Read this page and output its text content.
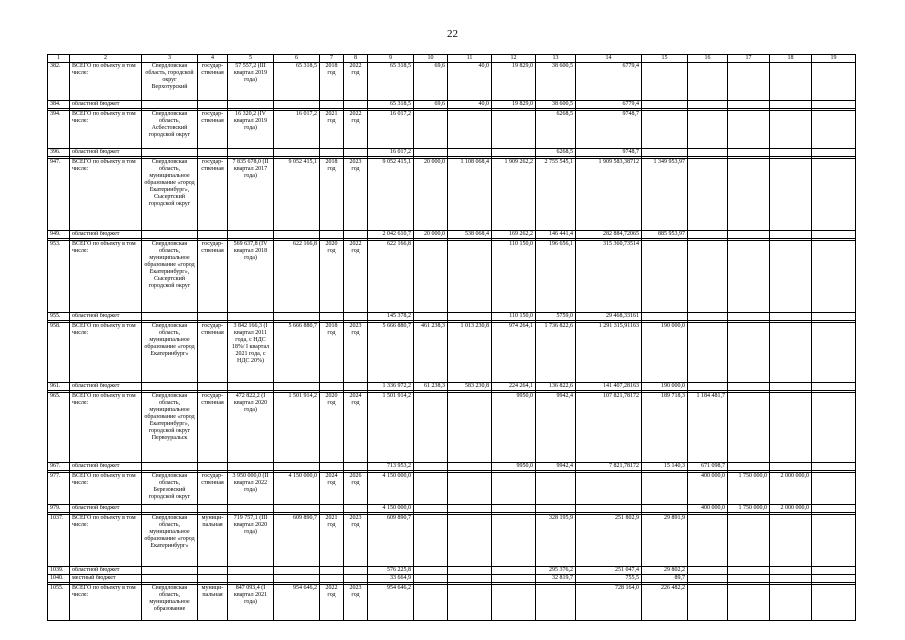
22
1	2	3	4	5	6	7	8	9	10	11	12	13	14	15	16	17	18	19
382.	ВСЕГО по объекту в том числе:	Свердловская область, городской округ Верхотурский	государ-ственная	57 557,2 (III квартал 2019 года)	65 318,5	2018 год	2022 год	65 318,5	69,6	40,0	19 829,0	38 600,5	6779,4					
384.	областной бюджет							65 318,5	69,6	40,0	19 829,0	38 600,5	6779,4					

394.	ВСЕГО по объекту в том числе:	Свердловская область, Асбестовский городской округ	государ-ственная	16 320,2 (IV квартал 2019 года)	16 017,2	2021 год	2022 год	16 017,2				6268,5	9748,7					
396.	областной бюджет							16 017,2				6268,5	9748,7					

947.	ВСЕГО по объекту в том числе:	Свердловская область, муниципальное образование «город Екатеринбург», Сысертский городской округ	государ-ственная	7 835 678,0 (II квартал 2017 года)	9 052 415,1	2018 год	2023 год	9 052 415,1	20 000,0	1 108 068,4	1 909 262,2	2 755 545,1	1 909 583,38712	1 349 953,97				
949.	областной бюджет							2 042 610,7	20 000,0	538 068,4	169 262,2	146 441,4	282 884,72065	885 953,97				

953.	ВСЕГО по объекту в том числе:	Свердловская область, муниципальное образование «город Екатеринбург», Сысертский городской округ	государ-ственная	569 637,8 (IV квартал 2018 года)	622 166,8	2020 год	2022 год	622 166,8			110 150,0	196 656,1	315 360,73514					
955.	областной бюджет							145 378,2			110 150,0	5759,0	29 468,33161					

958.	ВСЕГО по объекту в том числе:	Свердловская область, муниципальное образование «город Екатеринбург»	государ-ственная	3 842 166,3 (I квартал 2011 года, с НДС 18%/ I квартал 2021 года, с НДС 20%)	5 666 880,7	2018 год	2023 год	5 666 880,7	461 238,3	1 013 230,8	974 264,1	1 736 822,6	1 291 315,91163	190 000,0				
961.	областной бюджет							1 336 972,2	61 238,3	583 230,8	224 264,1	136 822,6	141 407,28163	190 000,0				

965.	ВСЕГО по объекту в том числе:	Свердловская область, муниципальное образование «город Екатеринбург», городской округ Первоуральск	государ-ственная	472 822,2 (I квартал 2020 года)	1 501 914,2	2020 год	2024 год	1 501 914,2			9950,0	9942,4	107 821,78172	189 718,3	1 184 481,7			
967.	областной бюджет							713 953,2			9950,0	9942,4	7 821,78172	15 140,3	671 098,7			

977.	ВСЕГО по объекту в том числе:	Свердловская область, Березовский городской округ	государ-ственная	3 950 000,0 (II квартал 2022 года)	4 150 000,0	2024 год	2026 год	4 150 000,0							400 000,0	1 750 000,0	2 000 000,0	
979.	областной бюджет							4 150 000,0							400 000,0	1 750 000,0	2 000 000,0	

1037.	ВСЕГО по объекту в том числе:	Свердловская область, муниципальное образование «город Екатеринбург»	муници-пальная	719 757,1 (III квартал 2020 года)	609 890,7	2021 год	2023 год	609 890,7				328 195,9	251 802,9	29 891,9				
1039.	областной бюджет							576 225,8				295 376,2	251 047,4	29 802,2				
1040.	местный бюджет							33 664,9				32 819,7	755,5	89,7				

1055.	ВСЕГО по объекту в том числе:	Свердловская область, муниципальное образование	муници-пальная	847 093,4 (I квартал 2021 года)	954 646,2	2022 год	2023 год	954 646,2					728 164,0	226 482,2				
